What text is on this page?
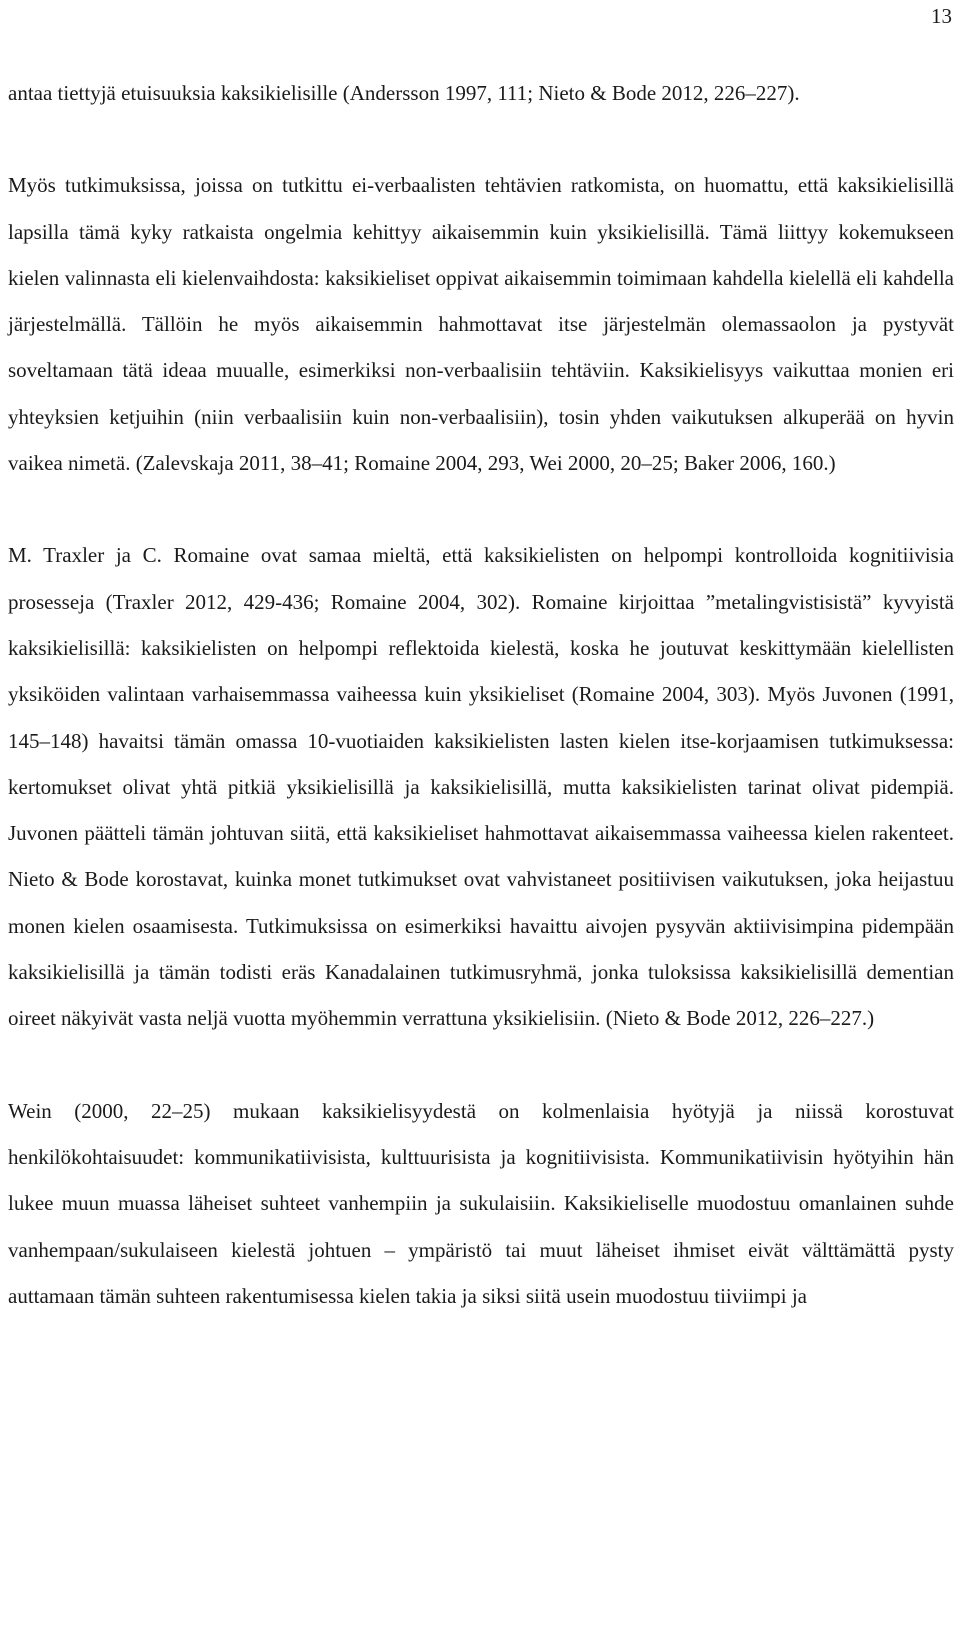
13

antaa tiettyjä etuisuuksia kaksikielisille (Andersson 1997, 111; Nieto & Bode 2012, 226–227).

Myös tutkimuksissa, joissa on tutkittu ei-verbaalisten tehtävien ratkomista, on huomattu, että kaksikielisillä lapsilla tämä kyky ratkaista ongelmia kehittyy aikaisemmin kuin yksikielisillä. Tämä liittyy kokemukseen kielen valinnasta eli kielenvaihdosta: kaksikieliset oppivat aikaisemmin toimimaan kahdella kielellä eli kahdella järjestelmällä. Tällöin he myös aikaisemmin hahmottavat itse järjestelmän olemassaolon ja pystyvät soveltamaan tätä ideaa muualle, esimerkiksi non-verbaalisiin tehtäviin. Kaksikielisyys vaikuttaa monien eri yhteyksien ketjuihin (niin verbaalisiin kuin non-verbaalisiin), tosin yhden vaikutuksen alkuperää on hyvin vaikea nimetä. (Zalevskaja 2011, 38–41; Romaine 2004, 293, Wei 2000, 20–25; Baker 2006, 160.)

M. Traxler ja C. Romaine ovat samaa mieltä, että kaksikielisten on helpompi kontrolloida kognitiivisia prosesseja (Traxler 2012, 429-436; Romaine 2004, 302). Romaine kirjoittaa ”metalingvistisistä” kyvyistä kaksikielisillä: kaksikielisten on helpompi reflektoida kielestä, koska he joutuvat keskittymään kielellisten yksiköiden valintaan varhaisemmassa vaiheessa kuin yksikieliset (Romaine 2004, 303). Myös Juvonen (1991, 145–148) havaitsi tämän omassa 10-vuotiaiden kaksikielisten lasten kielen itse-korjaamisen tutkimuksessa: kertomukset olivat yhtä pitkiä yksikielisillä ja kaksikielisillä, mutta kaksikielisten tarinat olivat pidempiä. Juvonen päätteli tämän johtuvan siitä, että kaksikieliset hahmottavat aikaisemmassa vaiheessa kielen rakenteet. Nieto & Bode korostavat, kuinka monet tutkimukset ovat vahvistaneet positiivisen vaikutuksen, joka heijastuu monen kielen osaamisesta. Tutkimuksissa on esimerkiksi havaittu aivojen pysyvän aktiivisimpina pidempään kaksikielisillä ja tämän todisti eräs Kanadalainen tutkimusryhmä, jonka tuloksissa kaksikielisillä dementian oireet näkyivät vasta neljä vuotta myöhemmin verrattuna yksikielisiin. (Nieto & Bode 2012, 226–227.)

Wein (2000, 22–25) mukaan kaksikielisyydestä on kolmenlaisia hyötyjä ja niissä korostuvat henkilökohtaisuudet: kommunikatiivisista, kulttuurisista ja kognitiivisista. Kommunikatiivisin hyötyihin hän lukee muun muassa läheiset suhteet vanhempiin ja sukulaisiin. Kaksikieliselle muodostuu omanlainen suhde vanhempaan/sukulaiseen kielestä johtuen – ympäristö tai muut läheiset ihmiset eivät välttämättä pysty auttamaan tämän suhteen rakentumisessa kielen takia ja siksi siitä usein muodostuu tiiviimpi ja
